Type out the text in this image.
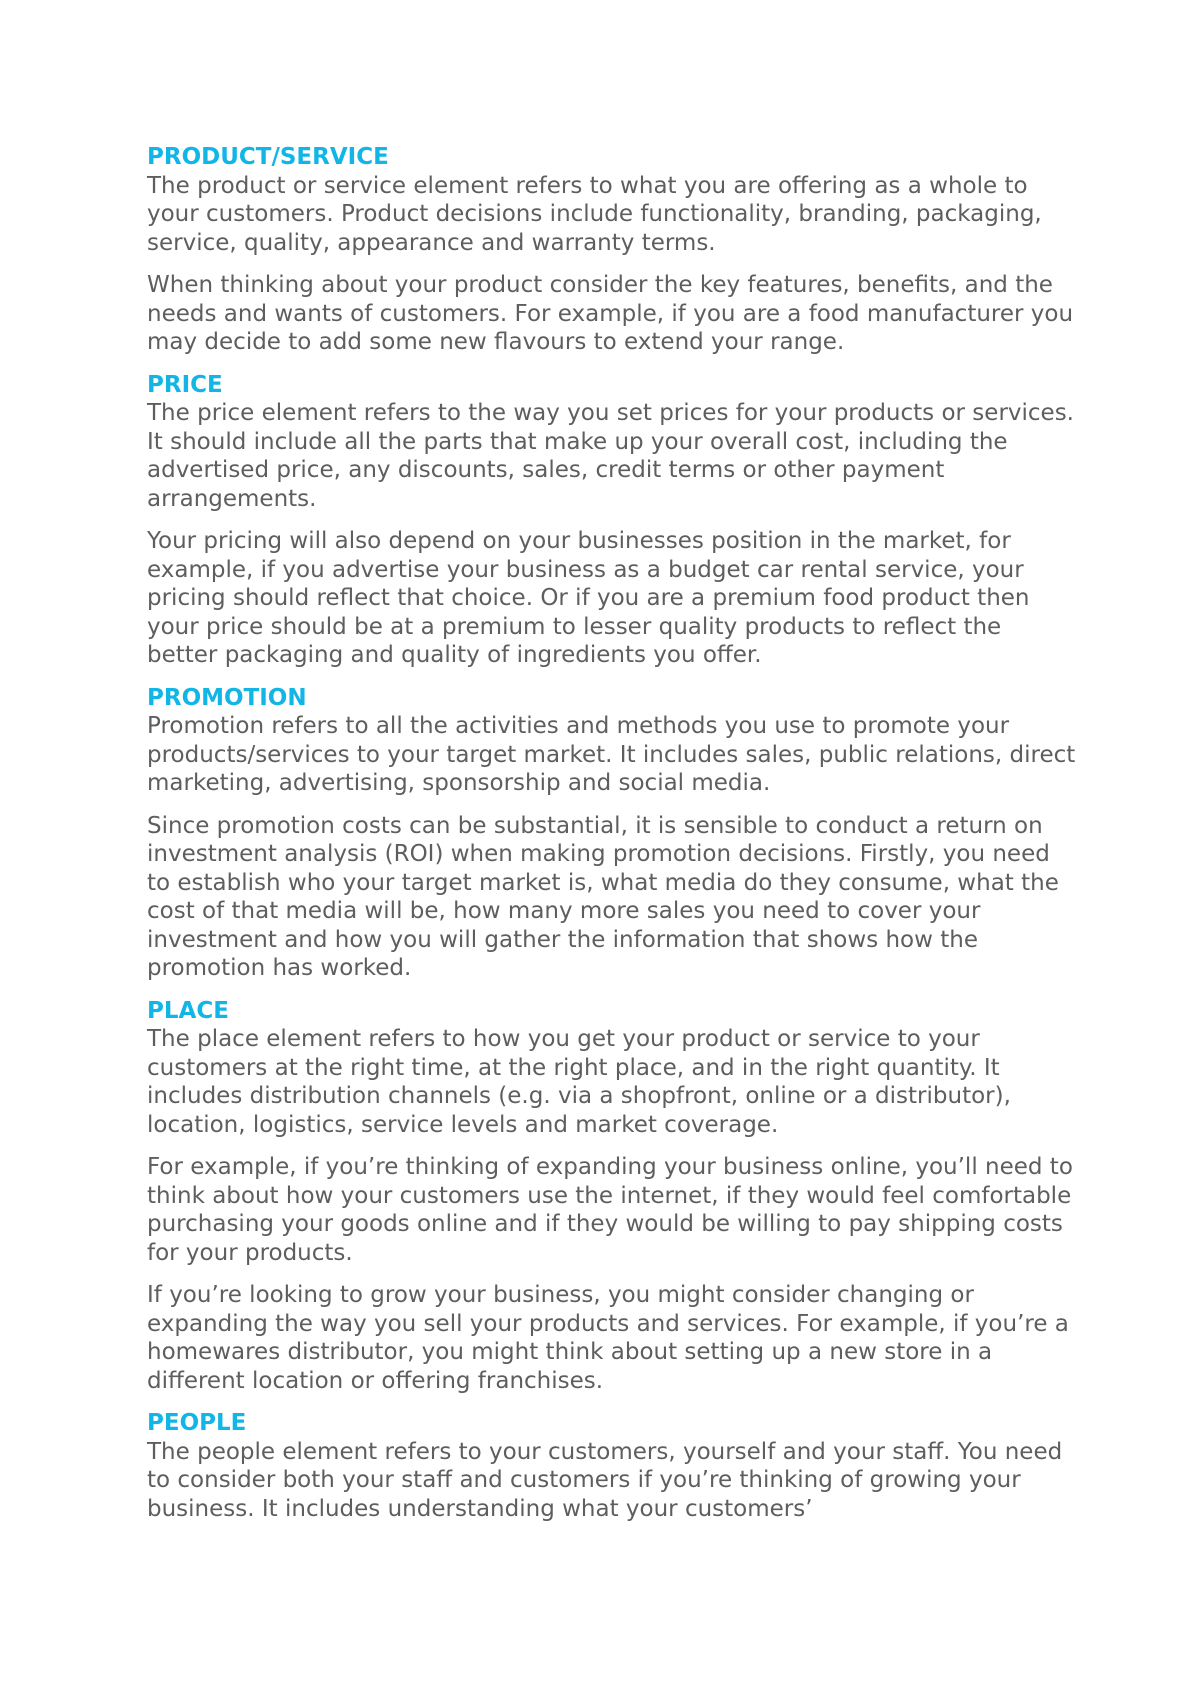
PRODUCT/SERVICE

The product or service element refers to what you are offering as a whole to your customers. Product decisions include functionality, branding, packaging, service, quality, appearance and warranty terms.

When thinking about your product consider the key features, benefits, and the needs and wants of customers. For example, if you are a food manufacturer you may decide to add some new flavours to extend your range.

PRICE

The price element refers to the way you set prices for your products or services. It should include all the parts that make up your overall cost, including the advertised price, any discounts, sales, credit terms or other payment arrangements.

Your pricing will also depend on your businesses position in the market, for example, if you advertise your business as a budget car rental service, your pricing should reflect that choice. Or if you are a premium food product then your price should be at a premium to lesser quality products to reflect the better packaging and quality of ingredients you offer.

PROMOTION

Promotion refers to all the activities and methods you use to promote your products/services to your target market. It includes sales, public relations, direct marketing, advertising, sponsorship and social media.

Since promotion costs can be substantial, it is sensible to conduct a return on investment analysis (ROI) when making promotion decisions. Firstly, you need to establish who your target market is, what media do they consume, what the cost of that media will be, how many more sales you need to cover your investment and how you will gather the information that shows how the promotion has worked.

PLACE

The place element refers to how you get your product or service to your customers at the right time, at the right place, and in the right quantity. It includes distribution channels (e.g. via a shopfront, online or a distributor), location, logistics, service levels and market coverage.

For example, if you’re thinking of expanding your business online, you’ll need to think about how your customers use the internet, if they would feel comfortable purchasing your goods online and if they would be willing to pay shipping costs for your products.

If you’re looking to grow your business, you might consider changing or expanding the way you sell your products and services. For example, if you’re a homewares distributor, you might think about setting up a new store in a different location or offering franchises.

PEOPLE

The people element refers to your customers, yourself and your staff. You need to consider both your staff and customers if you’re thinking of growing your business. It includes understanding what your customers’
